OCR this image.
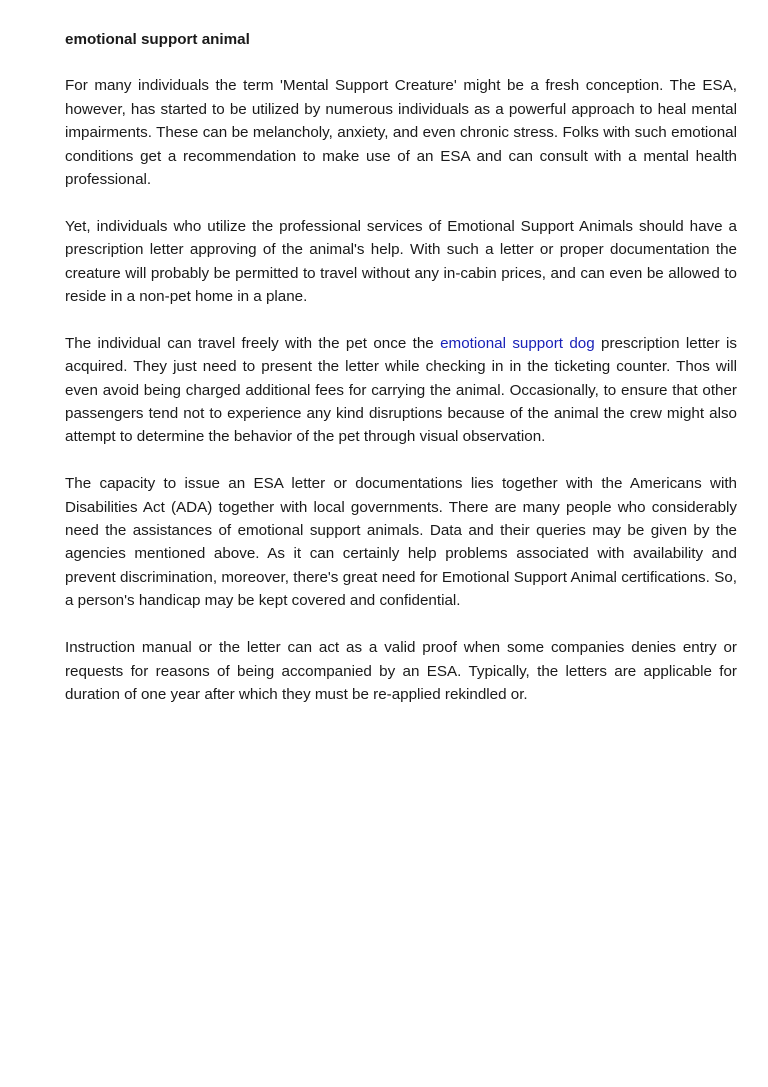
emotional support animal

For many individuals the term 'Mental Support Creature' might be a fresh conception. The ESA, however, has started to be utilized by numerous individuals as a powerful approach to heal mental impairments. These can be melancholy, anxiety, and even chronic stress. Folks with such emotional conditions get a recommendation to make use of an ESA and can consult with a mental health professional.

Yet, individuals who utilize the professional services of Emotional Support Animals should have a prescription letter approving of the animal's help. With such a letter or proper documentation the creature will probably be permitted to travel without any in-cabin prices, and can even be allowed to reside in a non-pet home in a plane.

The individual can travel freely with the pet once the emotional support dog prescription letter is acquired. They just need to present the letter while checking in in the ticketing counter. Thos will even avoid being charged additional fees for carrying the animal. Occasionally, to ensure that other passengers tend not to experience any kind disruptions because of the animal the crew might also attempt to determine the behavior of the pet through visual observation.

The capacity to issue an ESA letter or documentations lies together with the Americans with Disabilities Act (ADA) together with local governments. There are many people who considerably need the assistances of emotional support animals. Data and their queries may be given by the agencies mentioned above. As it can certainly help problems associated with availability and prevent discrimination, moreover, there's great need for Emotional Support Animal certifications. So, a person's handicap may be kept covered and confidential.

Instruction manual or the letter can act as a valid proof when some companies denies entry or requests for reasons of being accompanied by an ESA. Typically, the letters are applicable for duration of one year after which they must be re-applied rekindled or.
